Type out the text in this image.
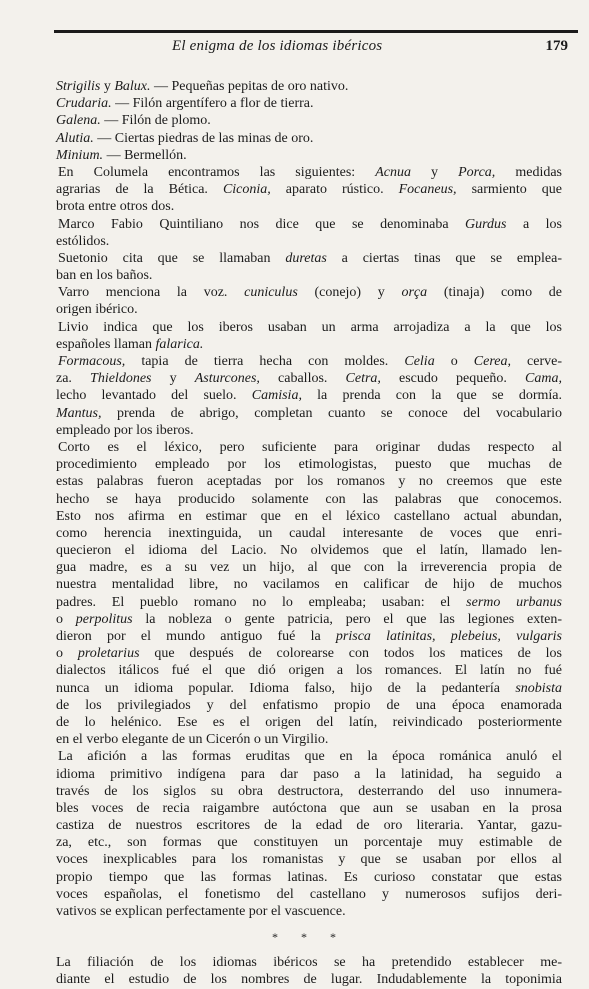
El enigma de los idiomas ibéricos	179
Strigilis y Balux. — Pequeñas pepitas de oro nativo.
Crudaria. — Filón argentífero a flor de tierra.
Galena. — Filón de plomo.
Alutia. — Ciertas piedras de las minas de oro.
Minium. — Bermellón.
En Columela encontramos las siguientes: Acnua y Porca, medidas
agrarias de la Bética. Ciconia, aparato rústico. Focaneus, sarmiento que
brota entre otros dos.
Marco Fabio Quintiliano nos dice que se denominaba Gurdus a los
estólidos.
Suetonio cita que se llamaban duretas a ciertas tinas que se emplea-
ban en los baños.
Varro menciona la voz. cuniculus (conejo) y orça (tinaja) como de
origen ibérico.
Livio indica que los iberos usaban un arma arrojadiza a la que los
españoles llaman falarica.
Formacous, tapia de tierra hecha con moldes. Celia o Cerea, cerve-
za. Thieldones y Asturcones, caballos. Cetra, escudo pequeño. Cama,
lecho levantado del suelo. Camisia, la prenda con la que se dormía.
Mantus, prenda de abrigo, completan cuanto se conoce del vocabulario
empleado por los iberos.
Corto es el léxico, pero suficiente para originar dudas respecto al
procedimiento empleado por los etimologistas, puesto que muchas de
estas palabras fueron aceptadas por los romanos y no creemos que este
hecho se haya producido solamente con las palabras que conocemos.
Esto nos afirma en estimar que en el léxico castellano actual abundan,
como herencia inextinguida, un caudal interesante de voces que enri-
quecieron el idioma del Lacio. No olvidemos que el latín, llamado len-
gua madre, es a su vez un hijo, al que con la irreverencia propia de
nuestra mentalidad libre, no vacilamos en calificar de hijo de muchos
padres. El pueblo romano no lo empleaba; usaban: el sermo urbanus
o perpolitus la nobleza o gente patricia, pero el que las legiones exten-
dieron por el mundo antiguo fué la prisca latinitas, plebeius, vulgaris
o proletarius que después de colorearse con todos los matices de los
dialectos itálicos fué el que dió origen a los romances. El latín no fué
nunca un idioma popular. Idioma falso, hijo de la pedantería snobista
de los privilegiados y del enfatismo propio de una época enamorada
de lo helénico. Ese es el origen del latín, reivindicado posteriormente
en el verbo elegante de un Cicerón o un Virgilio.
La afición a las formas eruditas que en la época románica anuló el
idioma primitivo indígena para dar paso a la latinidad, ha seguido a
través de los siglos su obra destructora, desterrando del uso innumera-
bles voces de recia raigambre autóctona que aun se usaban en la prosa
castiza de nuestros escritores de la edad de oro literaria. Yantar, gazu-
za, etc., son formas que constituyen un porcentaje muy estimable de
voces inexplicables para los romanistas y que se usaban por ellos al
propio tiempo que las formas latinas. Es curioso constatar que estas
voces españolas, el fonetismo del castellano y numerosos sufijos deri-
vativos se explican perfectamente por el vascuence.
* * *
La filiación de los idiomas ibéricos se ha pretendido establecer me-
diante el estudio de los nombres de lugar. Indudablemente la toponimia
